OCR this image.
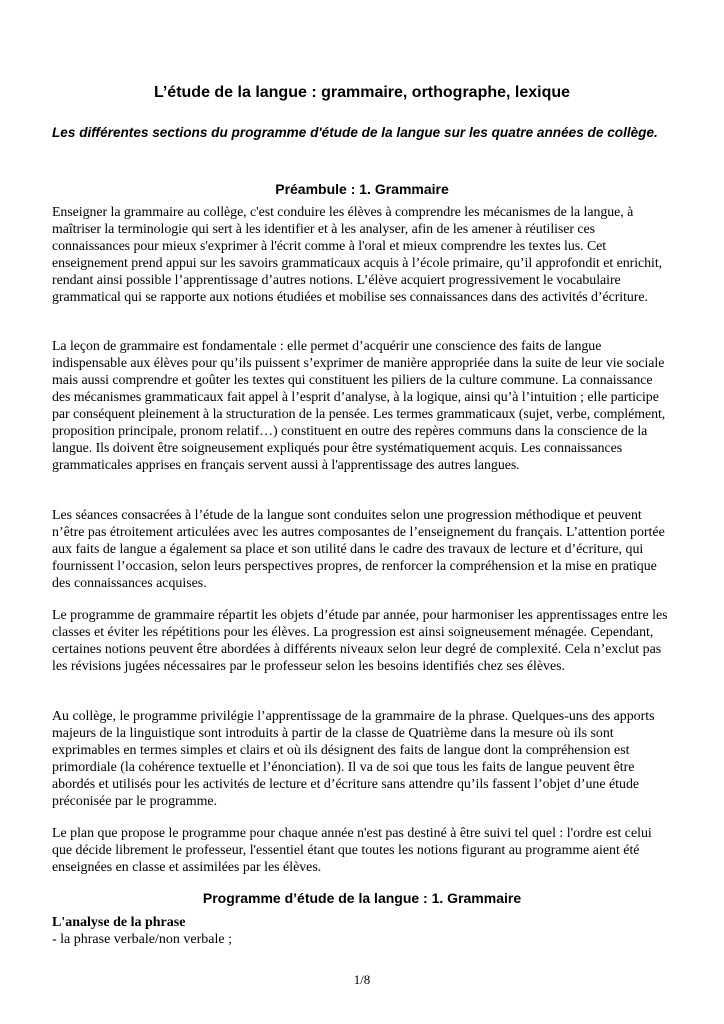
L’étude de la langue : grammaire, orthographe, lexique
Les différentes sections du programme d'étude de la langue sur les quatre années de collège.
Préambule : 1. Grammaire

Enseigner la grammaire au collège, c'est conduire les élèves à comprendre les mécanismes de la langue, à maîtriser la terminologie qui sert à les identifier et à les analyser, afin de les amener à réutiliser ces connaissances pour mieux s'exprimer à l'écrit comme à l'oral et mieux comprendre les textes lus. Cet enseignement prend appui sur les savoirs grammaticaux acquis à l’école primaire, qu’il approfondit et enrichit, rendant ainsi possible l’apprentissage d’autres notions. L’élève acquiert progressivement le vocabulaire grammatical qui se rapporte aux notions étudiées et mobilise ses connaissances dans des activités d’écriture.

La leçon de grammaire est fondamentale : elle permet d’acquérir une conscience des faits de langue indispensable aux élèves pour qu’ils puissent s’exprimer de manière appropriée dans la suite de leur vie sociale mais aussi comprendre et goûter les textes qui constituent les piliers de la culture commune. La connaissance des mécanismes grammaticaux fait appel à l’esprit d’analyse, à la logique, ainsi qu’à l’intuition ; elle participe par conséquent pleinement à la structuration de la pensée. Les termes grammaticaux (sujet, verbe, complément, proposition principale, pronom relatif…) constituent en outre des repères communs dans la conscience de la langue. Ils doivent être soigneusement expliqués pour être systématiquement acquis. Les connaissances grammaticales apprises en français servent aussi à l'apprentissage des autres langues.

Les séances consacrées à l’étude de la langue sont conduites selon une progression méthodique et peuvent n’être pas étroitement articulées avec les autres composantes de l’enseignement du français. L’attention portée aux faits de langue a également sa place et son utilité dans le cadre des travaux de lecture et d’écriture, qui fournissent l’occasion, selon leurs perspectives propres, de renforcer la compréhension et la mise en pratique des connaissances acquises.

Le programme de grammaire répartit les objets d’étude par année, pour harmoniser les apprentissages entre les classes et éviter les répétitions pour les élèves. La progression est ainsi soigneusement ménagée. Cependant, certaines notions peuvent être abordées à différents niveaux selon leur degré de complexité. Cela n’exclut pas les révisions jugées nécessaires par le professeur selon les besoins identifiés chez ses élèves.

Au collège, le programme privilégie l’apprentissage de la grammaire de la phrase. Quelques-uns des apports majeurs de la linguistique sont introduits à partir de la classe de Quatrième dans la mesure où ils sont exprimables en termes simples et clairs et où ils désignent des faits de langue dont la compréhension est primordiale (la cohérence textuelle et l’énonciation). Il va de soi que tous les faits de langue peuvent être abordés et utilisés pour les activités de lecture et d’écriture sans attendre qu’ils fassent l’objet d’une étude préconisée par le programme.

Le plan que propose le programme pour chaque année n'est pas destiné à être suivi tel quel : l'ordre est celui que décide librement le professeur, l'essentiel étant que toutes les notions figurant au programme aient été enseignées en classe et assimilées par les élèves.

Programme d’étude de la langue : 1. Grammaire
L'analyse de la phrase
- la phrase verbale/non verbale ;
1/8
